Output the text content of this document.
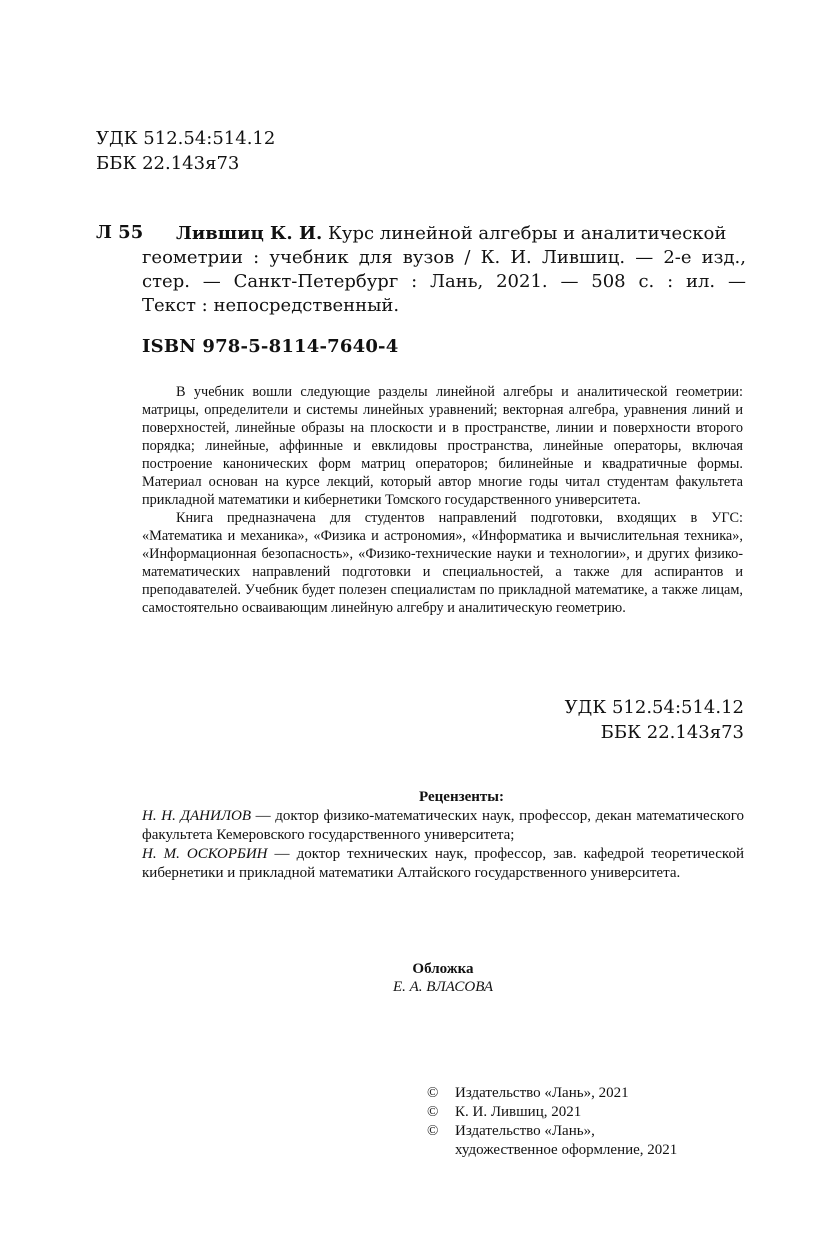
УДК 512.54:514.12
ББК 22.143я73
Л 55	Лившиц К. И. Курс линейной алгебры и аналитической
геометрии : учебник для вузов / К. И. Лившиц. — 2-е изд.,
стер. — Санкт-Петербург : Лань, 2021. — 508 с. : ил. —
Текст : непосредственный.
ISBN 978-5-8114-7640-4

В учебник вошли следующие разделы линейной алгебры и аналитической геометрии: матрицы, определители и системы линейных уравнений; векторная алгебра, уравнения линий и поверхностей, линейные образы на плоскости и в пространстве, линии и поверхности второго порядка; линейные, аффинные и евклидовы пространства, линейные операторы, включая построение канонических форм матриц операторов; билинейные и квадратичные формы. Материал основан на курсе лекций, который автор многие годы читал студентам факультета прикладной математики и кибернетики Томского государственного университета.

Книга предназначена для студентов направлений подготовки, входящих в УГС: «Математика и механика», «Физика и астрономия», «Информатика и вычислительная техника», «Информационная безопасность», «Физико-технические науки и технологии», и других физико-математических направлений подготовки и специальностей, а также для аспирантов и преподавателей. Учебник будет полезен специалистам по прикладной математике, а также лицам, самостоятельно осваивающим линейную алгебру и аналитическую геометрию.

УДК 512.54:514.12
ББК 22.143я73
Рецензенты:

Н. Н. ДАНИЛОВ — доктор физико-математических наук, профессор, декан математического факультета Кемеровского государственного университета;

Н. М. ОСКОРБИН — доктор технических наук, профессор, зав. кафедрой теоретической кибернетики и прикладной математики Алтайского государственного университета.

Обложка
Е. А. ВЛАСОВА
© Издательство «Лань», 2021
© К. И. Лившиц, 2021
© Издательство «Лань»,
художественное оформление, 2021
